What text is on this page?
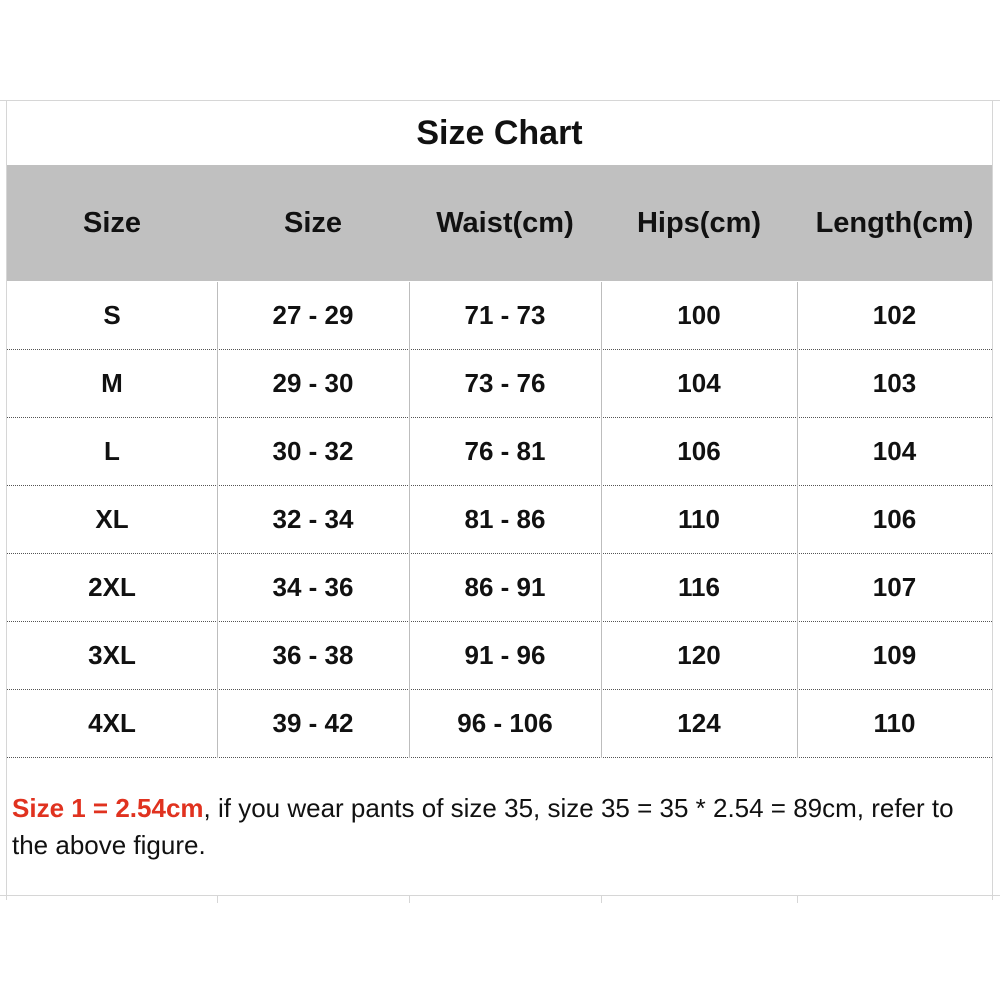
Size Chart
Size	Size	Waist(cm)	Hips(cm)	Length(cm)
S	27 - 29	71 - 73	100	102
M	29 - 30	73 - 76	104	103
L	30 - 32	76 - 81	106	104
XL	32 - 34	81 - 86	110	106
2XL	34 - 36	86 - 91	116	107
3XL	36 - 38	91 - 96	120	109
4XL	39 - 42	96 - 106	124	110
Size 1 = 2.54cm, if you wear pants of size 35, size 35 = 35 * 2.54 = 89cm, refer to the above figure.
